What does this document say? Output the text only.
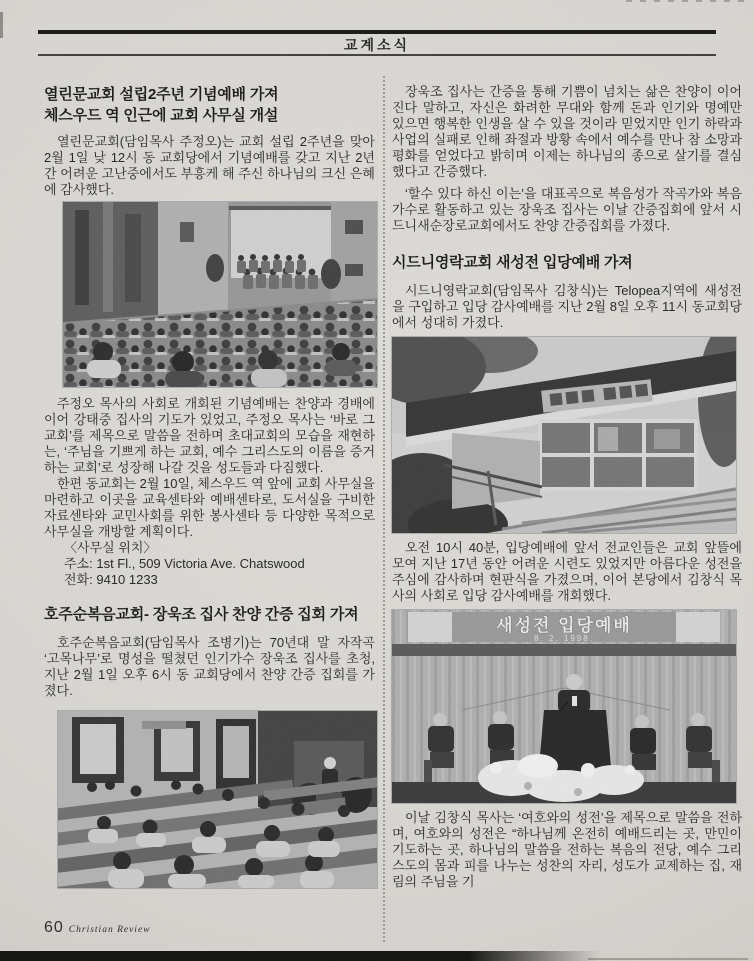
교계소식
열린문교회 설립2주년 기념예배 가져
체스우드 역 인근에 교회 사무실 개설

열린문교회(담임목사 주정오)는 교회 설립 2주년을 맞아 2월 1일 낮 12시 동 교회당에서 기념예배를 갖고 지난 2년간 어려운 고난중에서도 부흥케 해 주신 하나님의 크신 은혜에 감사했다.

주정오 목사의 사회로 개회된 기념예배는 찬양과 경배에 이어 강태중 집사의 기도가 있었고, 주정오 목사는 ‘바로 그 교회’를 제목으로 말씀을 전하며 초대교회의 모습을 재현하는, ‘주님을 기쁘게 하는 교회, 예수 그리스도의 이름을 증거하는 교회’로 성장해 나갈 것을 성도들과 다짐했다.

한편 동교회는 2월 10일, 체스우드 역 앞에 교회 사무실을 마련하고 이곳을 교육센타와 예배센타로, 도서실을 구비한 자료센타와 교민사회를 위한 봉사센타 등 다양한 목적으로 사무실을 개방할 계획이다.

〈사무실 위치〉
주소: 1st Fl., 509 Victoria Ave. Chatswood
전화: 9410 1233
호주순복음교회- 장욱조 집사 찬양 간증 집회 가져

호주순복음교회(담임목사 조병기)는 70년대 말 자작곡 ‘고목나무’로 명성을 떨쳤던 인기가수 장욱조 집사를 초청, 지난 2월 1일 오후 6시 동 교회당에서 찬양 간증 집회를 가졌다.

장욱조 집사는 간증을 통해 기쁨이 넘치는 삶은 찬양이 이어진다 말하고, 자신은 화려한 무대와 함께 돈과 인기와 명예만 있으면 행복한 인생을 살 수 있을 것이라 믿었지만 인기 하락과 사업의 실패로 인해 좌절과 방황 속에서 예수를 만나 참 소망과 평화를 얻었다고 밝히며 이제는 하나님의 종으로 살기를 결심했다고 간증했다.

‘할수 있다 하신 이는’을 대표곡으로 복음성가 작곡가와 복음 가수로 활동하고 있는 장욱조 집사는 이날 간증집회에 앞서 시드니새순장로교회에서도 찬양 간증집회를 가졌다.

시드니영락교회 새성전 입당예배 가져

시드니영락교회(담임목사 김창식)는 Telopea지역에 새성전을 구입하고 입당 감사예배를 지난 2월 8일 오후 11시 동교회당에서 성대히 가졌다.

오전 10시 40분, 입당예배에 앞서 전교인들은 교회 앞뜰에 모여 지난 17년 동안 어려운 시련도 있었지만 아름다운 성전을 주심에 감사하며 현판식을 가졌으며, 이어 본당에서 김창식 목사의 사회로 입당 감사예배를 개회했다.

새성전 입당예배
8. 2. 1998.

이날 김창식 목사는 ‘여호와의 성전’을 제목으로 말씀을 전하며, 여호와의 성전은 “하나님께 온전히 예배드리는 곳, 만민이 기도하는 곳, 하나님의 말씀을 전하는 복음의 전당, 예수 그리스도의 몸과 피를 나누는 성찬의 자리, 성도가 교제하는 집, 재림의 주님을 기

60 Christian Review
